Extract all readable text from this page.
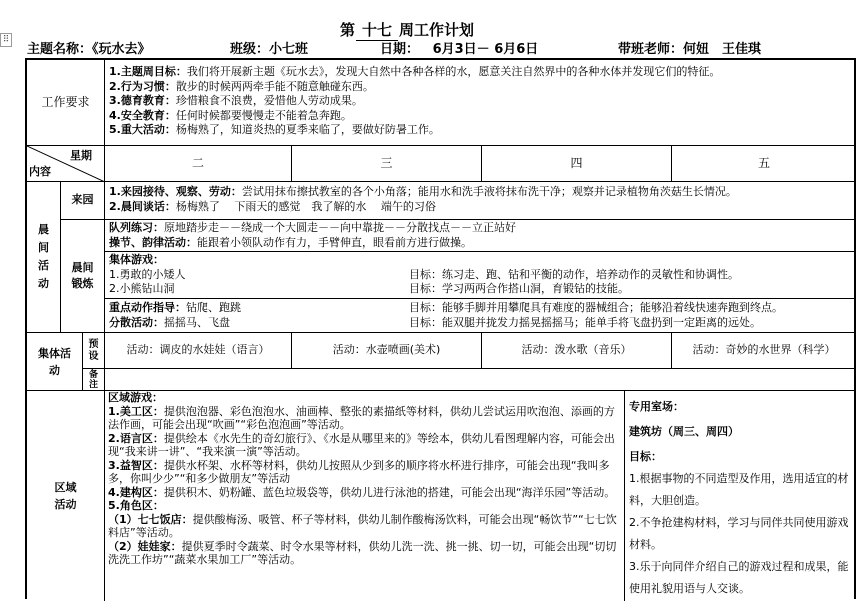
⠿
第 十七 周工作计划
主题名称：《玩水去》	班级：小七班	日期： 6月3日－ 6月6日	带班老师：何妞　王佳琪
工作要求
1.主题周目标：我们将开展新主题《玩水去》，发现大自然中各种各样的水，愿意关注自然界中的各种水体并发现它们的特征。
2.行为习惯：散步的时候两两牵手能不随意触碰东西。
3.德育教育：珍惜粮食不浪费，爱惜他人劳动成果。
4.安全教育：任何时候都要慢慢走不能着急奔跑。
5.重大活动：杨梅熟了，知道炎热的夏季来临了，要做好防暑工作。
星期
内容
二	三	四	五
晨间活动
来园
1.来园接待、观察、劳动：尝试用抹布擦拭教室的各个小角落；能用水和洗手液将抹布洗干净；观察并记录植物角茨菇生长情况。
2.晨间谈话：杨梅熟了　 下雨天的感觉　我了解的水　 端午的习俗
晨间锻炼
队列练习：原地踏步走－－绕成一个大圆走－－向中靠拢－－分散找点－－立正站好
操节、韵律活动：能跟着小领队动作有力，手臂伸直，眼看前方进行做操。
集体游戏：
1.勇敢的小矮人	目标：练习走、跑、钻和平衡的动作，培养动作的灵敏性和协调性。
2.小熊钻山洞	目标：学习两两合作搭山洞，育锻钻的技能。
重点动作指导：钻爬、跑跳	目标：能够手脚并用攀爬具有难度的器械组合；能够沿着线快速奔跑到终点。
分散活动：摇摇马、飞盘	目标：能双腿并拢发力摇晃摇摇马；能单手将飞盘扔到一定距离的远处。
集体活动
预设	活动：调皮的水娃娃（语言）	活动：水壶喷画(美术)	活动：泼水歌（音乐）	活动：奇妙的水世界（科学）
备注
区域活动
区域游戏：
1.美工区：提供泡泡器、彩色泡泡水、油画棒、整张的素描纸等材料，供幼儿尝试运用吹泡泡、添画的方法作画，可能会出现“吹画”“彩色泡泡画”等活动。
2.语言区：提供绘本《水先生的奇幻旅行》、《水是从哪里来的》等绘本，供幼儿看图理解内容，可能会出现“我来讲一讲”、“我来演一演”等活动。
3.益智区：提供水杯架、水杯等材料，供幼儿按照从少到多的顺序将水杯进行排序，可能会出现“我叫多多，你叫少少”“和多少做朋友”等活动
4.建构区：提供积木、奶粉罐、蓝色垃圾袋等，供幼儿进行泳池的搭建，可能会出现“海洋乐园”等活动。
5.角色区：
（1）七七饭店：提供酸梅汤、吸管、杯子等材料，供幼儿制作酸梅汤饮料，可能会出现“畅饮节”“七七饮料店”等活动。
（2）娃娃家：提供夏季时令蔬菜、时令水果等材料，供幼儿洗一洗、挑一挑、切一切，可能会出现“切切洗洗工作坊”“蔬菜水果加工厂”等活动。
专用室场：
建筑坊（周三、周四）
目标：
1.根据事物的不同造型及作用，选用适宜的材料，大胆创造。
2.不争抢建构材料，学习与同伴共同使用游戏材料。
3.乐于向同伴介绍自己的游戏过程和成果，能使用礼貌用语与人交谈。
